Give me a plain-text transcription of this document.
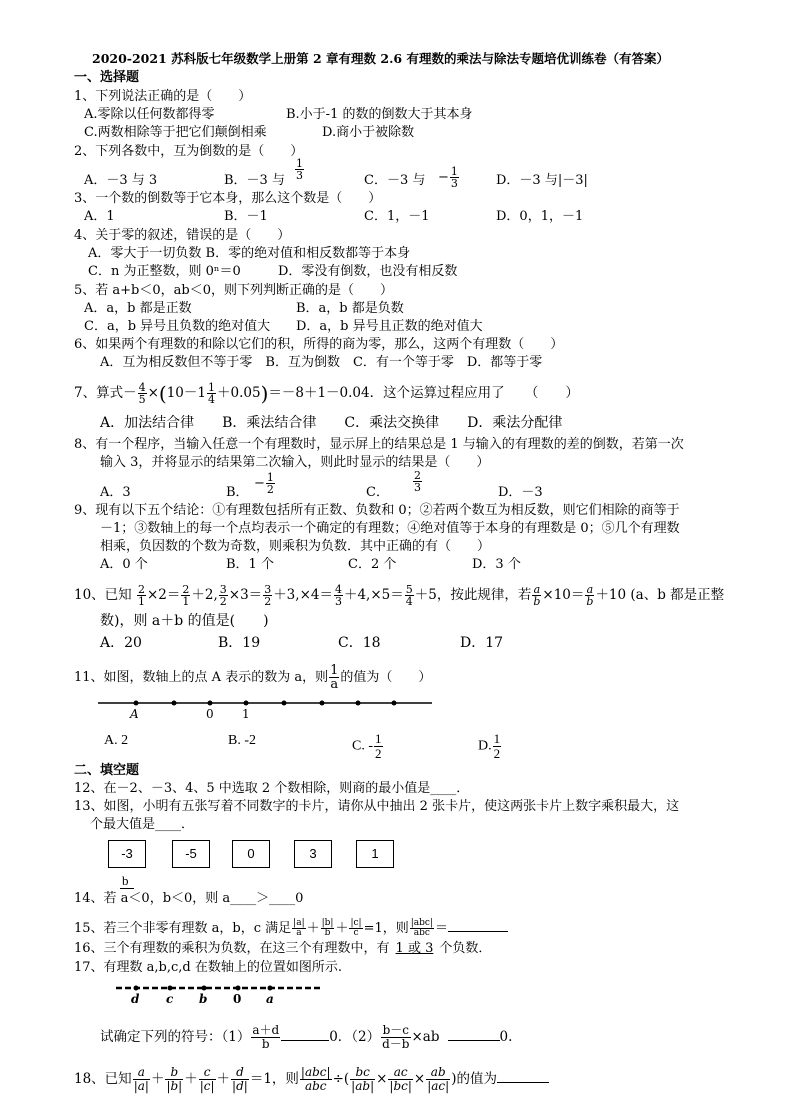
2020-2021 苏科版七年级数学上册第 2 章有理数 2.6 有理数的乘法与除法专题培优训练卷（有答案）
一、选择题
1、下列说法正确的是（　　）
A.零除以任何数都得零	B.小于-1 的数的倒数大于其本身
C.两数相除等于把它们颠倒相乘	D.商小于被除数
2、下列各数中，互为倒数的是（　　）
A．－3 与 3	B．－3 与 $\frac{1}{3}$	C．－3 与 − $\frac{1}{3}$	D．－3 与|－3|
3、一个数的倒数等于它本身，那么这个数是（　　）
A．1	B．－1	C．1，－1	D．0，1，－1
4、关于零的叙述，错误的是（　　）
A．零大于一切负数 B．零的绝对值和相反数都等于本身
C．n 为正整数，则 0ⁿ＝0	D．零没有倒数，也没有相反数
5、若 a+b＜0，ab＜0，则下列判断正确的是（　　）
A．a，b 都是正数	B．a，b 都是负数
C．a，b 异号且负数的绝对值大 D．a，b 异号且正数的绝对值大
6、如果两个有理数的和除以它们的积，所得的商为零，那么，这两个有理数（　　）
A．互为相反数但不等于零　B．互为倒数　C．有一个等于零　D．都等于零
7、算式－ $\frac{4}{5} \times(10-1 \frac{1}{4} +0.05)=-8+1-0.04$．这个运算过程应用了　　（　　）
A．加法结合律　　B．乘法结合律　　C．乘法交换律　　D．乘法分配律
8、有一个程序，当输入任意一个有理数时，显示屏上的结果总是 1 与输入的有理数的差的倒数，若第一次
输入 3，并将显示的结果第二次输入，则此时显示的结果是（　　）
A．3	B．
− $\frac{1}{2}$	C． $\frac{2}{3}$	D．－3
9、现有以下五个结论：①有理数包括所有正数、负数和 0；②若两个数互为相反数，则它们相除的商等于
－1；③数轴上的每一个点均表示一个确定的有理数；④绝对值等于本身的有理数是 0；⑤几个有理数
相乘，负因数的个数为奇数，则乘积为负数．其中正确的有（　　）
A．0 个	B．1 个	C．2 个	D．3 个
10、已知 $\frac{2}{1} \times 2= \frac{2}{1} +2$, $\frac{3}{2} \times 3= \frac{3}{2} +3,\times 4= \frac{4}{3} +4,\times 5= \frac{5}{4} +5$，按此规律，若 $\frac{a}{b} \times 10= \frac{a}{b} +10$ (a、b 都是正整
数)，则 a＋b 的值是(　　)
A．20	B．19	C．18	D．17
11、如图，数轴上的点 A 表示的数为 a，则 $\frac{1}{a}$ 的值为（　　）
A	0 1
A. 2	B. -2	C. - $\frac{1}{2}$	D. $\frac{1}{2}$
二、填空题
12、在－2、－3、4、5 中选取 2 个数相除，则商的最小值是____．
13、如图，小明有五张写着不同数字的卡片，请你从中抽出 2 张卡片，使这两张卡片上数字乘积最大，这
个最大值是____．
-3	-5	0	3	1
b
14、若 a＜0，b＜0，则 a____＞____0
15、若三个非零有理数 a，b，c 满足 $\frac{|a|}{a} + \frac{|b|}{b} + \frac{|c|}{c} =1$，则 $\frac{\text{|abc|}}{\text{abc}}$ ＝
16、三个有理数的乘积为负数，在这三个有理数中，有 1 或 3 个负数．
17、有理数 a,b,c,d 在数轴上的位置如图所示.
d c b 0 a
试确定下列的符号：$(1) \frac{a+d}{b}$	0．$(2) \frac{b-c}{d-b} \times ab$	0.
18、已知 $\frac{a}{|a|} + \frac{b}{|b|} + \frac{c}{|c|} + \frac{d}{|d|} =1$，则 $\frac{\text{|abc|}}{\text{abc}}$ ÷( $\frac{bc}{|ab|} \times \frac{ac}{|bc|} \times \frac{ab}{|ac|}$ )的值为
